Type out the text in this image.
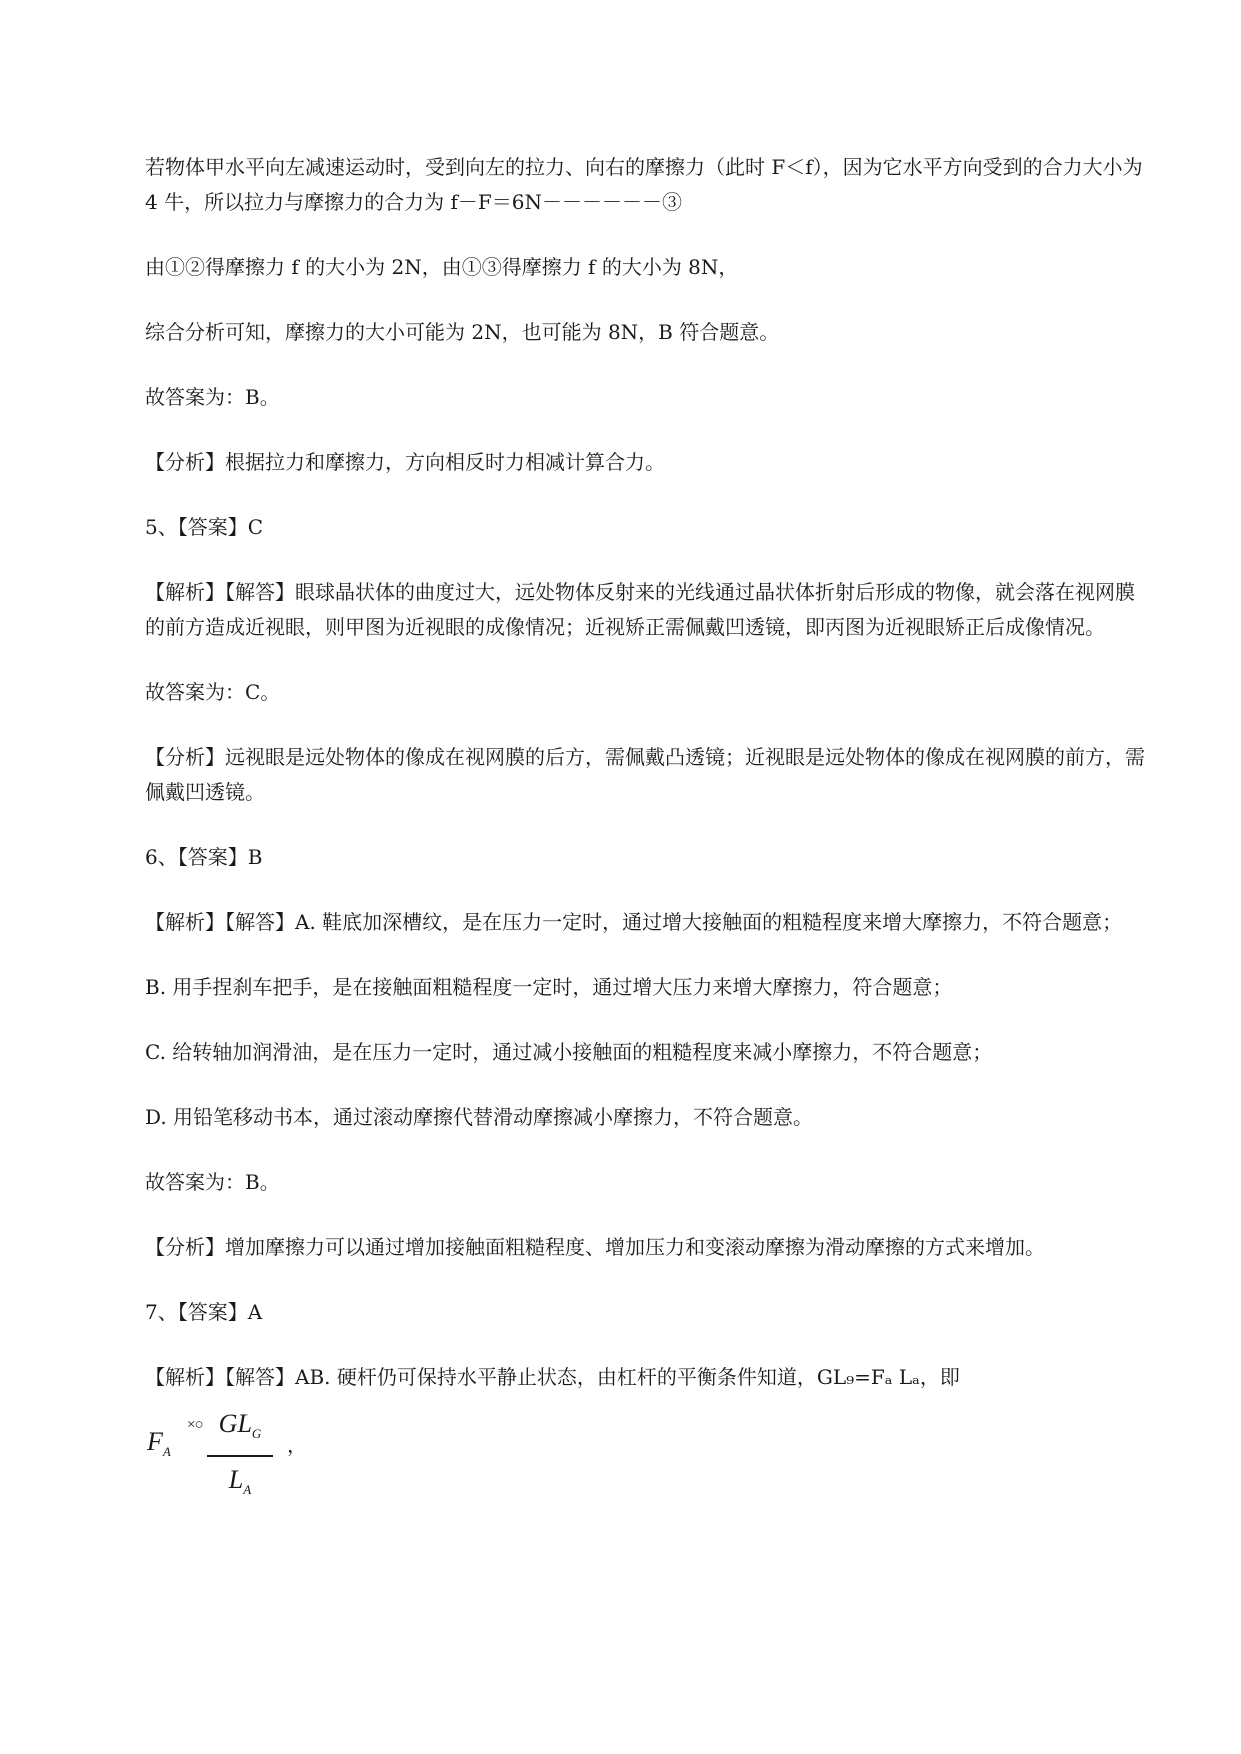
若物体甲水平向左减速运动时，受到向左的拉力、向右的摩擦力（此时 F＜f），因为它水平方向受到的合力大小为 4 牛，所以拉力与摩擦力的合力为 f－F＝6N－－－－－－③

由①②得摩擦力 f 的大小为 2N，由①③得摩擦力 f 的大小为 8N，

综合分析可知，摩擦力的大小可能为 2N，也可能为 8N，B 符合题意。

故答案为：B。

【分析】根据拉力和摩擦力，方向相反时力相减计算合力。

5、【答案】C

【解析】【解答】眼球晶状体的曲度过大，远处物体反射来的光线通过晶状体折射后形成的物像，就会落在视网膜的前方造成近视眼，则甲图为近视眼的成像情况；近视矫正需佩戴凹透镜，即丙图为近视眼矫正后成像情况。

故答案为：C。

【分析】远视眼是远处物体的像成在视网膜的后方，需佩戴凸透镜；近视眼是远处物体的像成在视网膜的前方，需佩戴凹透镜。

6、【答案】B

【解析】【解答】A. 鞋底加深槽纹，是在压力一定时，通过增大接触面的粗糙程度来增大摩擦力，不符合题意；

B. 用手捏刹车把手，是在接触面粗糙程度一定时，通过增大压力来增大摩擦力，符合题意；

C. 给转轴加润滑油，是在压力一定时，通过减小接触面的粗糙程度来减小摩擦力，不符合题意；

D. 用铅笔移动书本，通过滚动摩擦代替滑动摩擦减小摩擦力，不符合题意。

故答案为：B。

【分析】增加摩擦力可以通过增加接触面粗糙程度、增加压力和变滚动摩擦为滑动摩擦的方式来增加。

7、【答案】A

【解析】【解答】AB. 硬杆仍可保持水平静止状态，由杠杆的平衡条件知道，GL₉=Fₐ Lₐ，即

$F_A$
×○ $GL_G$
$L_A$
，
